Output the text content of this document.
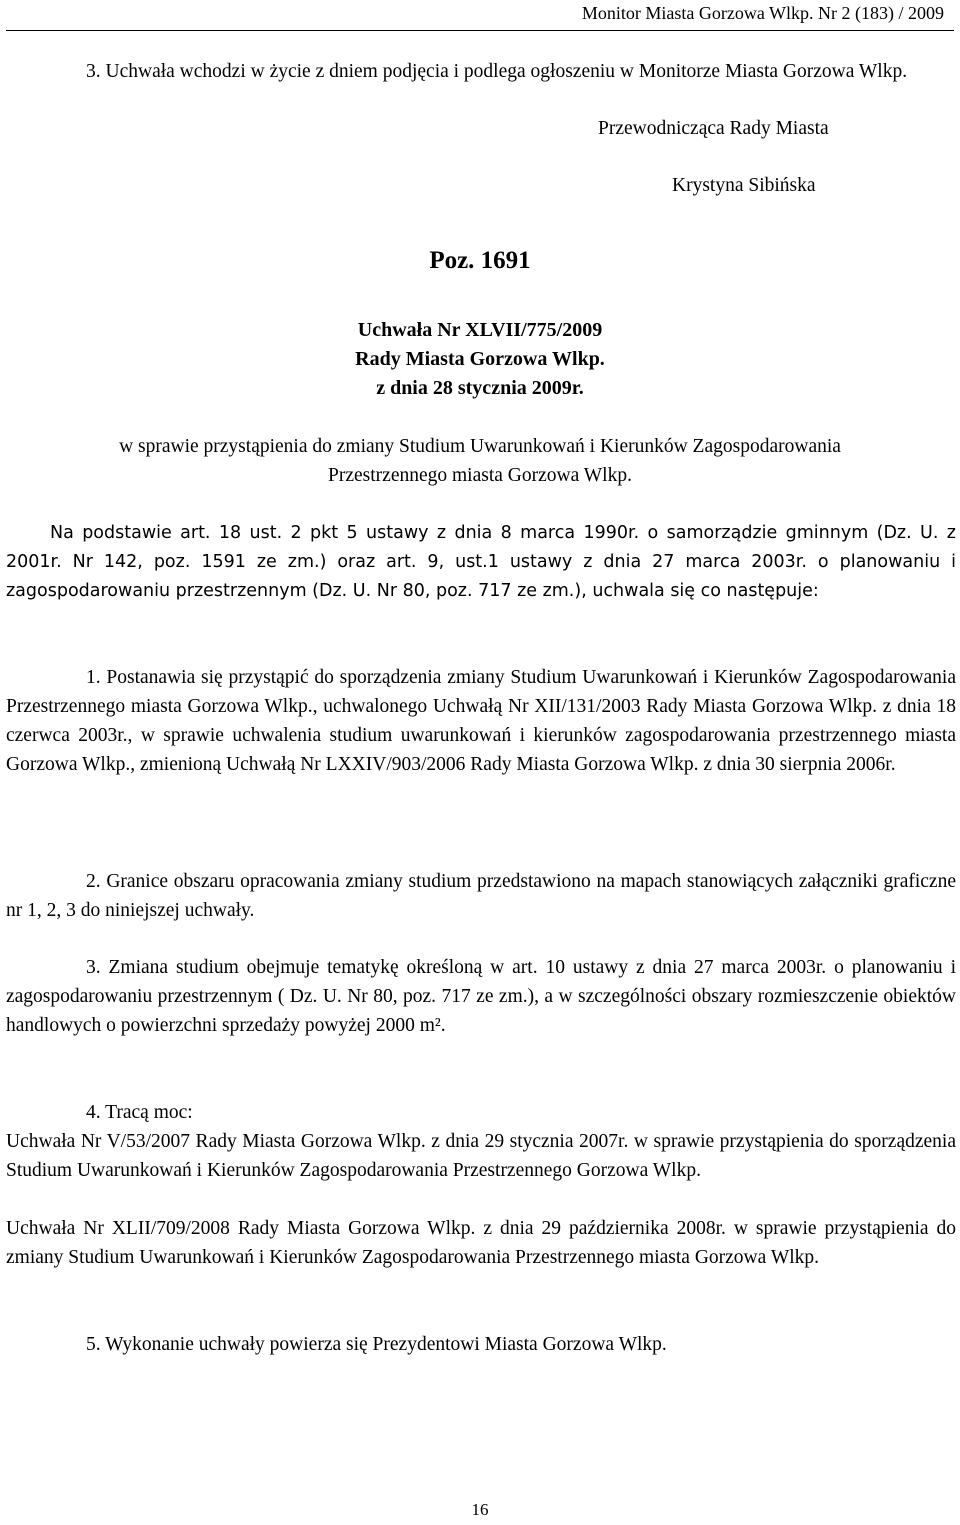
Monitor Miasta Gorzowa Wlkp. Nr 2 (183) / 2009
3. Uchwała wchodzi w życie z dniem podjęcia i podlega ogłoszeniu w Monitorze Miasta Gorzowa Wlkp.
Przewodnicząca Rady Miasta
Krystyna Sibińska
Poz. 1691
Uchwała Nr XLVII/775/2009
Rady Miasta Gorzowa Wlkp.
z dnia 28 stycznia 2009r.
w sprawie przystąpienia do zmiany Studium Uwarunkowań i Kierunków Zagospodarowania
Przestrzennego miasta Gorzowa Wlkp.
Na podstawie art. 18 ust. 2 pkt 5 ustawy z dnia 8 marca 1990r. o samorządzie gminnym (Dz. U. z 2001r. Nr 142, poz. 1591 ze zm.) oraz art. 9, ust.1 ustawy z dnia 27 marca 2003r. o planowaniu i zagospodarowaniu przestrzennym (Dz. U. Nr 80, poz. 717 ze zm.), uchwala się co następuje:
1. Postanawia się przystąpić do sporządzenia zmiany Studium Uwarunkowań i Kierunków Zagospodarowania Przestrzennego miasta Gorzowa Wlkp., uchwalonego Uchwałą Nr XII/131/2003 Rady Miasta Gorzowa Wlkp. z dnia 18 czerwca 2003r., w sprawie uchwalenia studium uwarunkowań i kierunków zagospodarowania przestrzennego miasta Gorzowa Wlkp., zmienioną Uchwałą Nr LXXIV/903/2006 Rady Miasta Gorzowa Wlkp. z dnia 30 sierpnia 2006r.
2. Granice obszaru opracowania zmiany studium przedstawiono na mapach stanowiących załączniki graficzne nr 1, 2, 3 do niniejszej uchwały.
3. Zmiana studium obejmuje tematykę określoną w art. 10 ustawy z dnia 27 marca 2003r. o planowaniu i zagospodarowaniu przestrzennym ( Dz. U. Nr 80, poz. 717 ze zm.), a w szczególności obszary rozmieszczenie obiektów handlowych o powierzchni sprzedaży powyżej 2000 m².
4. Tracą moc:
Uchwała Nr V/53/2007 Rady Miasta Gorzowa Wlkp. z dnia 29 stycznia 2007r. w sprawie przystąpienia do sporządzenia Studium Uwarunkowań i Kierunków Zagospodarowania Przestrzennego Gorzowa Wlkp.
Uchwała Nr XLII/709/2008 Rady Miasta Gorzowa Wlkp. z dnia 29 października 2008r. w sprawie przystąpienia do zmiany Studium Uwarunkowań i Kierunków Zagospodarowania Przestrzennego miasta Gorzowa Wlkp.
5. Wykonanie uchwały powierza się Prezydentowi Miasta Gorzowa Wlkp.
16
